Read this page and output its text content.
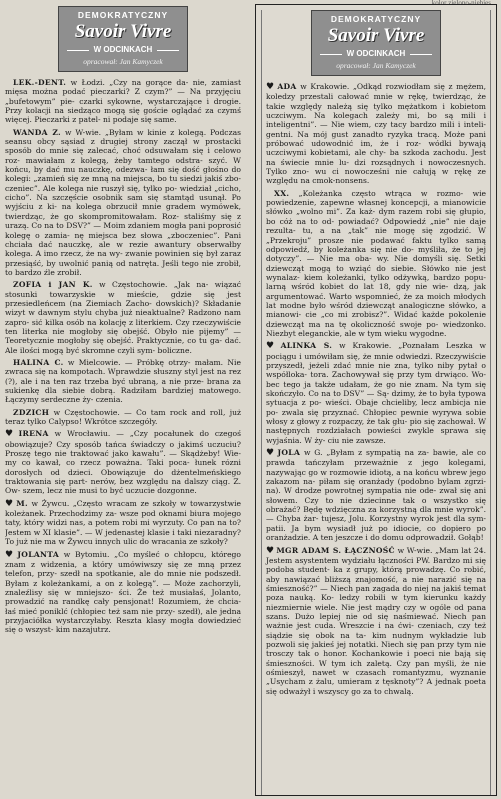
DEMOKRATYCZNY
Savoir Vivre
W ODCINKACH
opracował: Jan Kamyczek

LEK.-DENT. w Łodzi. „Czy na gorące da- nie, zamiast mięsa można podać pieczarki? Z czym?” — Na przyjęciu „bufetowym” pie- czarki sykowne, wystarczające i drogie. Przy kolacji na siedząco mogą się goście oglądać za czymś więcej. Pieczarki z patel- ni podaje się same.

WANDA Z. w W-wie. „Byłam w kinie z kolegą. Podczas seansu obcy sąsiad z drugiej strony zaczął w prostacki sposób do mnie się zalecać, choć odsuwałam się i celowo roz- mawiałam z kolegą, żeby tamtego odstra- szyć. W końcu, by dać mu nauczkę, odezwa- łam się dość głośno do kolegi: „zamień się ze mną na miejsca, bo tu siedzi jakiś zbo- czeniec”. Ale kolega nie ruszył się, tylko po- wiedział „cicho, cicho”. Na szczęście osobnik sam się stamtąd usunął. Po wyjściu z ki- na kolega obrzucił mnie gradem wymówek, twierdząc, że go skompromitowałam. Roz- staliśmy się z urazą. Co na to DSV?” — Moim zdaniem mogła pani poprosić kolegę o zamia- nę miejsca bez słowa „zboczeniec”. Pani chciała dać nauczkę, ale w rezie awantury obserwałby kolega. A imo rzecz, że na wy- zwanie powinien się był zaraz przesiąść, by uwolnić panią od natręta. Jeśli tego nie zrobił, to bardzo źle zrobił.

ZOFIA i JAN K. w Częstochowie. „Jak na- wiązać stosunki towarzyskie w mieście, gdzie się jest przesiedleńcem (na Ziemiach Zacho- dowskich)? Składanie wizyt w dawnym stylu chyba już nieaktualne? Radzono nam zapro- sić kilka osób na kolację z literkiem. Czy rzeczywiście ten literka nie mogłoby się obejść. Obyło nie pijemy” — Teoretycznie mogłoby się obejść. Praktycznie, co tu ga- dać. Ale ilości mogą być skromne czyli sym- boliczne.

HALINA C. w Mielcowie. — Próbkę otrzy- małam. Nie zwraca się na kompotach. Wprawdzie słuszny styl jest na rez (?), ale i na ten raz trzeba być ubraną, a nie prze- brana za sukienkę dla siebie dobrą. Radziłam bardziej matowego. Łączymy serdeczne ży- czenia.

ZDZICH w Częstochowie. — Co tam rock and roll, już teraz tylko Calypso! Wkrótce szczegóły.

♥ IRENA w Wrocławiu. — „Czy pocałunek do czegoś obowiązuje? Czy sposób tańca świadczy o jakimś uczuciu? Proszę tego nie traktować jako kawału”. — Skądżeby! Wie- my co kawał, co rzecz poważna. Taki poca- łunek rózni dorosłych od dzieci. Obowiązuje do dżentelmeńskiego traktowania się part- nerów, bez względu na dalszy ciąg. Z. Ow- szem, lecz nie musi to być uczucie dozgonne.

♥ M. w Żywcu. „Często wracam ze szkoły w towarzystwie koleżanek. Przechodzimy za- wsze pod oknami biura mojego taty, który widzi nas, a potem robi mi wyrzuty. Co pan na to? Jestem w XI klasie”. — W jedenastej klasie i taki niezaradny? To już nie ma w Żywcu innych ulic do wracania ze szkoły?

♥ JOLANTA w Bytomiu. „Co myśleć o chłopcu, którego znam z widzenia, a który umówiwszy się ze mną przez telefon, przy- szedł na spotkanie, ale do mnie nie podszedł. Byłam z koleżankami, a on z kolegą”. — Może zachorzyli, znaleźlisy się w mniejszo- ści. Że też musiałaś, Jolanto, prowadzić na randkę cały pensjonat! Rozumiem, że chcia- łaś mieć poniklć (chłopiec też sam nie przy- szedł), ale jedna przyjaciółka wystarczyłaby. Reszta klasy mogła dowiedzieć się o wszyst- kim nazajutrz.

DEMOKRATYCZNY
Savoir Vivre
W ODCINKACH
opracował: Jan Kamyczek

♥ ADA w Krakowie. „Odkąd rozwiodłam się z mężem, koledzy przestali całować mnie w rękę, twierdząc, że takie względy należą się tylko mężatkom i kobietom uczciwym. Na kolegach zależy mi, bo są mili i inteligentni”. — Nie wiem, czy tacy bardzo mili i inteli- gentni. Na mój gust zanadto ryzyka tracą. Może pani próbować udowodnić im, że i roz- wódki bywają uczciwymi kobietami, ale chy- ba szkoda zachodu. Jest na świecie mnie lu- dzi rozsądnych i nowoczesnych. Tylko zno- wu ci nowocześni nie całują w rękę ze względu na cmok-nonsens.

XX. „Koleżanka często wtrąca w rozmo- wie powiedzenie, zapewne własnej koncepcji, a mianowicie słówko „wolno mi”. Za każ- dym razem robi się głupio, bo cóż na to od- powiadać? Odpowiedź „nie” nie daje rezulta- tu, a na „tak” nie mogę się zgodzić. W „Przekroju” prosze nie podawać faktu tylko samą odpowiedź, by koleżanka się nie do- myśliła, że to jej dotyczy”. — Nie ma oba- wy. Nie domyśli się. Setki dziewcząt mogą to wziąć do siebie. Słówko nie jest wynalaz- kiem koleżanki, tylko odżywką, bardzo popu- larną wśród kobiet do lat 18, gdy nie wie- dzą, jak argumentować. Warto wspomnieć, że za moich młodych lat modne było wśród dziewcząt analogiczne słówko, a mianowi- cie „co mi zrobisz?”. Widać każde pokolenie dziewcząt ma na tę okoliczność swoje po- wiedzonko. Niezbyt eleganckie, ale w tym wieku wygodne.

♥ ALINKA S. w Krakowie. „Poznałam Leszka w pociągu i umówiłam się, że mnie odwiedzi. Rzeczywiście przyszedł, jeżeli zdać mnie nie zna, tylko niby pytał o współloka- tora. Zachowywał się przy tym drwiąco. Wo- bec tego ja także udałam, że go nie znam. Na tym się skończyło. Co na to DSV” — Są- dzimy, że to była typowa sytuacja z po- wieści. Obaje chcieliby, lecz ambicja nie po- zwala się przyznać. Chłopiec pewnie wyrywa sobie włosy z głowy z rozpaczy, że tak głu- pio się zachował. W następnych rozdziałach powieści zwykle sprawa się wyjaśnia. W ży- ciu nie zawsze.

♥ JOLA w G. „Byłam z sympatią na za- bawie, ale co prawda tańczyłam przeważnie z jego kolegami, nazywając go w rozmowie idiotą, a na końcu wbrew jego zakazom na- piłam się oranżady (podobno bylam zgrzi- na). W drodze powrotnej sympatia nie ode- zwał się ani słowem. Czy to nie dziecinne tak o wszystko się obrażać? Będę wdzięczna za korzystną dla mnie wyrok”. — Chyba żar- tujesz, Jolu. Korzystny wyrok jest dla sym- patii. Ja bym wysiadł już po idiocie, co dopiero po oranżadzie. A ten jeszcze i do domu odprowadził. Gołąb!

♥ MGR ADAM S. ŁĄCZNOŚĆ w W-wie. „Mam lat 24. Jestem asystentem wydziału łączności PW. Bardzo mi się podoba student- ka z grupy, którą prowadzę. Co robić, aby nawiązać bliższą znajomość, a nie narazić się na śmieszność?” — Niech pan zagada do niej na jakiś temat poza nauką. Ko- ledzy robili w tym kierunku każdy niezmiernie wiele. Nie jest mądry czy w ogóle od pana szans. Dużo lepiej nie od się naśmiewać. Niech pan ważnie jest cuda. Wreszcie i na ćwi- czeniach, czy też siądzie się obok na ta- kim nudnym wykładzie lub pozwoli się jakieś jej notatki. Niech się pan przy tym nie trosczy tak o honor. Kochankowie i poeci nie bają się śmieszności. W tym ich zaletą. Czy pan myśli, że nie ośmieszył, nawet w czasach romantyzmu, wyznanie „Usycham z żalu, umieram z tęsknoty”? A jednak poeta się odważył i wszyscy go za to chwalą.
